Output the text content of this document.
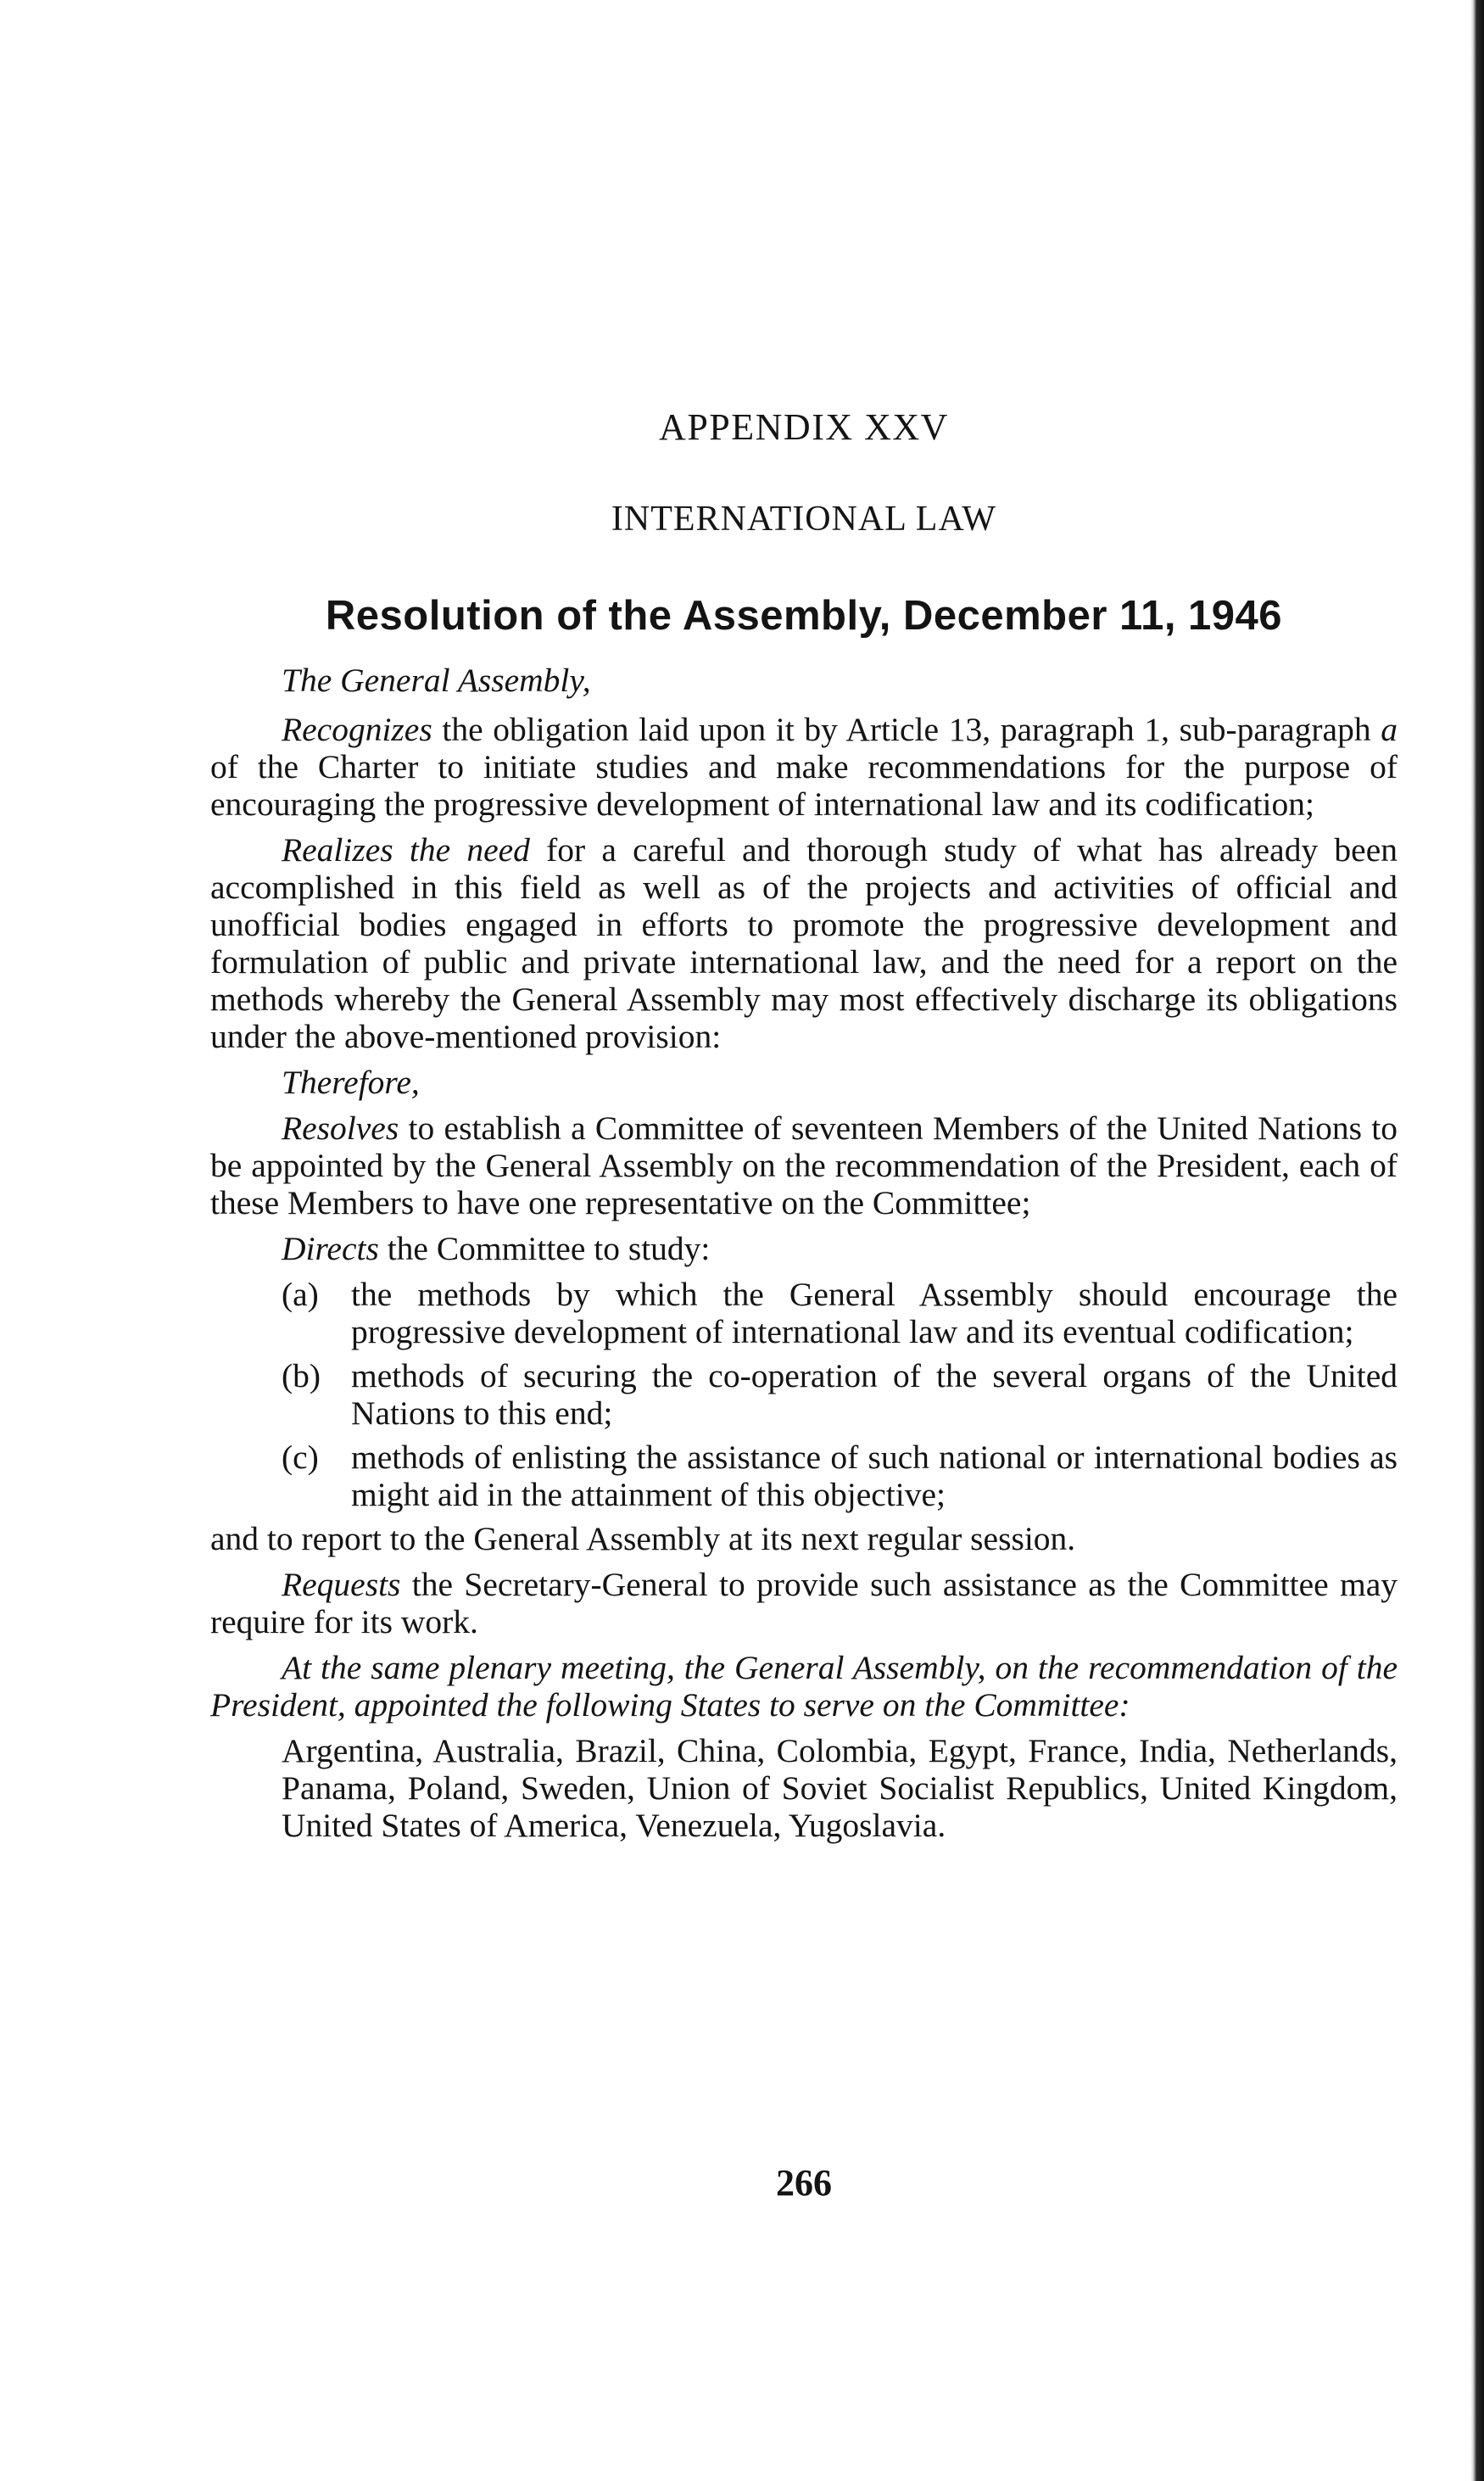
APPENDIX XXV
INTERNATIONAL LAW
Resolution of the Assembly, December 11, 1946

The General Assembly,

Recognizes the obligation laid upon it by Article 13, paragraph 1, sub-paragraph a of the Charter to initiate studies and make recommendations for the purpose of encouraging the progressive development of international law and its codification;

Realizes the need for a careful and thorough study of what has already been accomplished in this field as well as of the projects and activities of official and unofficial bodies engaged in efforts to promote the progressive development and formulation of public and private international law, and the need for a report on the methods whereby the General Assembly may most effectively discharge its obligations under the above-mentioned provision:

Therefore,

Resolves to establish a Committee of seventeen Members of the United Nations to be appointed by the General Assembly on the recommendation of the President, each of these Members to have one representative on the Committee;

Directs the Committee to study:

(a) the methods by which the General Assembly should encourage the progressive development of international law and its eventual codification;
(b) methods of securing the co-operation of the several organs of the United Nations to this end;
(c) methods of enlisting the assistance of such national or international bodies as might aid in the attainment of this objective;

and to report to the General Assembly at its next regular session.

Requests the Secretary-General to provide such assistance as the Committee may require for its work.

At the same plenary meeting, the General Assembly, on the recommendation of the President, appointed the following States to serve on the Committee:

Argentina, Australia, Brazil, China, Colombia, Egypt, France, India, Netherlands, Panama, Poland, Sweden, Union of Soviet Socialist Republics, United Kingdom, United States of America, Venezuela, Yugoslavia.

266
